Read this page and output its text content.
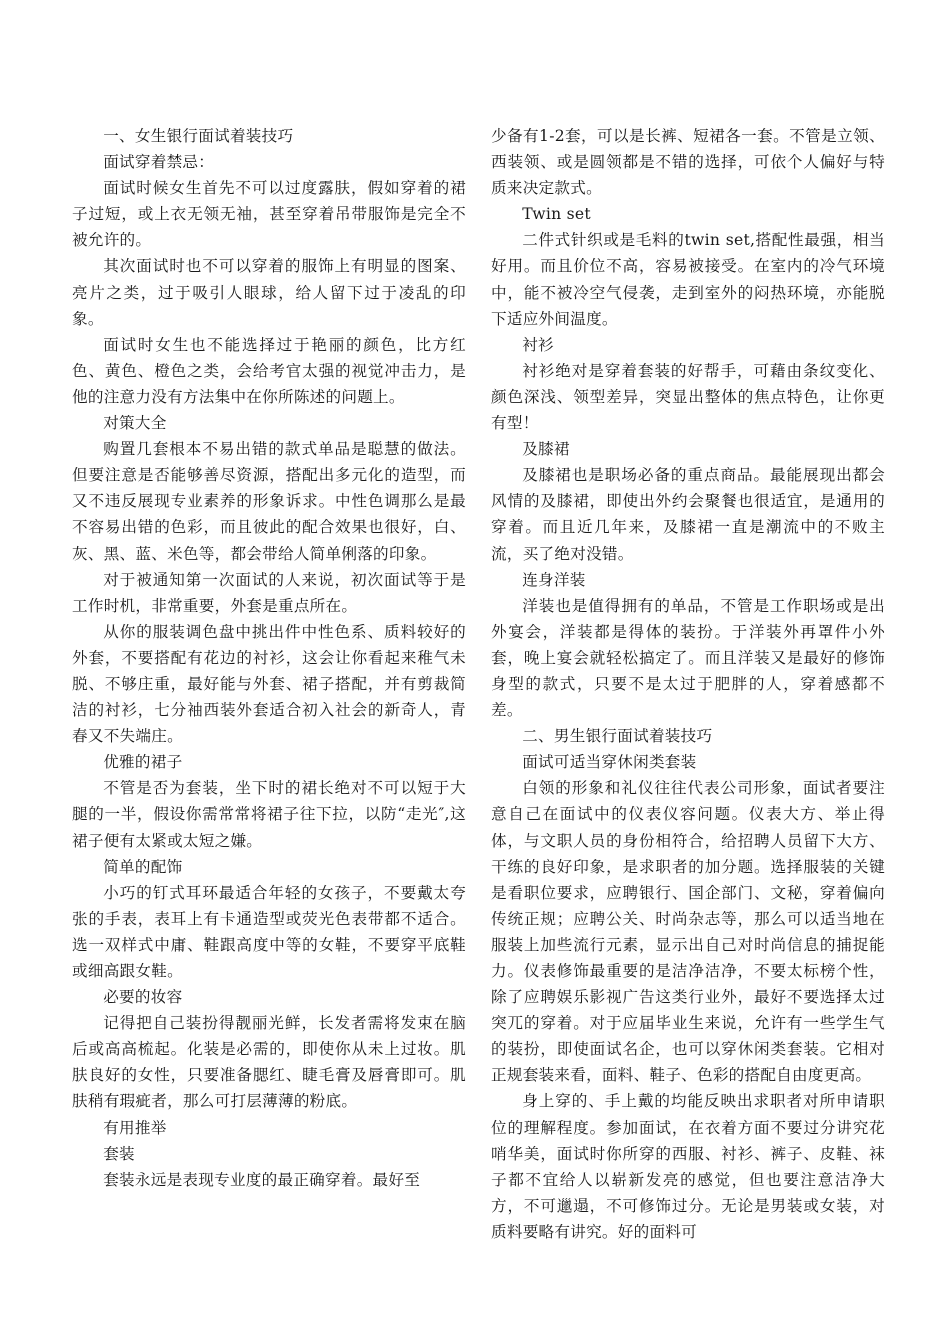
一、女生银行面试着装技巧

面试穿着禁忌：

面试时候女生首先不可以过度露肤，假如穿着的裙子过短，或上衣无领无袖，甚至穿着吊带服饰是完全不被允许的。

其次面试时也不可以穿着的服饰上有明显的图案、亮片之类，过于吸引人眼球，给人留下过于凌乱的印象。

面试时女生也不能选择过于艳丽的颜色，比方红色、黄色、橙色之类，会给考官太强的视觉冲击力，是他的注意力没有方法集中在你所陈述的问题上。

对策大全

购置几套根本不易出错的款式单品是聪慧的做法。但要注意是否能够善尽资源，搭配出多元化的造型，而又不违反展现专业素养的形象诉求。中性色调那么是最不容易出错的色彩，而且彼此的配合效果也很好，白、灰、黑、蓝、米色等，都会带给人简单俐落的印象。

对于被通知第一次面试的人来说，初次面试等于是工作时机，非常重要，外套是重点所在。

从你的服装调色盘中挑出件中性色系、质料较好的外套，不要搭配有花边的衬衫，这会让你看起来稚气未脱、不够庄重，最好能与外套、裙子搭配，并有剪裁简洁的衬衫，七分袖西装外套适合初入社会的新奇人，青春又不失端庄。

优雅的裙子

不管是否为套装，坐下时的裙长绝对不可以短于大腿的一半，假设你需常常将裙子往下拉，以防“走光″,这裙子便有太紧或太短之嫌。

简单的配饰

小巧的钉式耳环最适合年轻的女孩子，不要戴太夸张的手表，表耳上有卡通造型或荧光色表带都不适合。选一双样式中庸、鞋跟高度中等的女鞋，不要穿平底鞋或细高跟女鞋。

必要的妆容

记得把自己装扮得靓丽光鲜，长发者需将发束在脑后或高高梳起。化装是必需的，即使你从未上过妆。肌肤良好的女性，只要准备腮红、睫毛膏及唇膏即可。肌肤稍有瑕疵者，那么可打层薄薄的粉底。

有用推举

套装

套装永远是表现专业度的最正确穿着。最好至

少备有1-2套，可以是长裤、短裙各一套。不管是立领、西装领、或是圆领都是不错的选择，可依个人偏好与特质来决定款式。

Twin set

二件式针织或是毛料的twin set,搭配性最强，相当好用。而且价位不高，容易被接受。在室内的冷气环境中，能不被冷空气侵袭，走到室外的闷热环境，亦能脱下适应外间温度。

衬衫

衬衫绝对是穿着套装的好帮手，可藉由条纹变化、颜色深浅、领型差异，突显出整体的焦点特色，让你更有型！

及膝裙

及膝裙也是职场必备的重点商品。最能展现出都会风情的及膝裙，即使出外约会聚餐也很适宜，是通用的穿着。而且近几年来，及膝裙一直是潮流中的不败主流，买了绝对没错。

连身洋装

洋装也是值得拥有的单品，不管是工作职场或是出外宴会，洋装都是得体的装扮。于洋装外再罩件小外套，晚上宴会就轻松搞定了。而且洋装又是最好的修饰身型的款式，只要不是太过于肥胖的人，穿着感都不差。

二、男生银行面试着装技巧

面试可适当穿休闲类套装

白领的形象和礼仪往往代表公司形象，面试者要注意自己在面试中的仪表仪容问题。仪表大方、举止得体，与文职人员的身份相符合，给招聘人员留下大方、干练的良好印象，是求职者的加分题。选择服装的关键是看职位要求，应聘银行、国企部门、文秘，穿着偏向传统正规；应聘公关、时尚杂志等，那么可以适当地在服装上加些流行元素，显示出自己对时尚信息的捕捉能力。仪表修饰最重要的是洁净洁净，不要太标榜个性，除了应聘娱乐影视广告这类行业外，最好不要选择太过突兀的穿着。对于应届毕业生来说，允许有一些学生气的装扮，即使面试名企，也可以穿休闲类套装。它相对正规套装来看，面料、鞋子、色彩的搭配自由度更高。

身上穿的、手上戴的均能反映出求职者对所申请职位的理解程度。参加面试，在衣着方面不要过分讲究花哨华美，面试时你所穿的西服、衬衫、裤子、皮鞋、袜子都不宜给人以崭新发亮的感觉，但也要注意洁净大方，不可邋遢，不可修饰过分。无论是男装或女装，对质料要略有讲究。好的面料可
